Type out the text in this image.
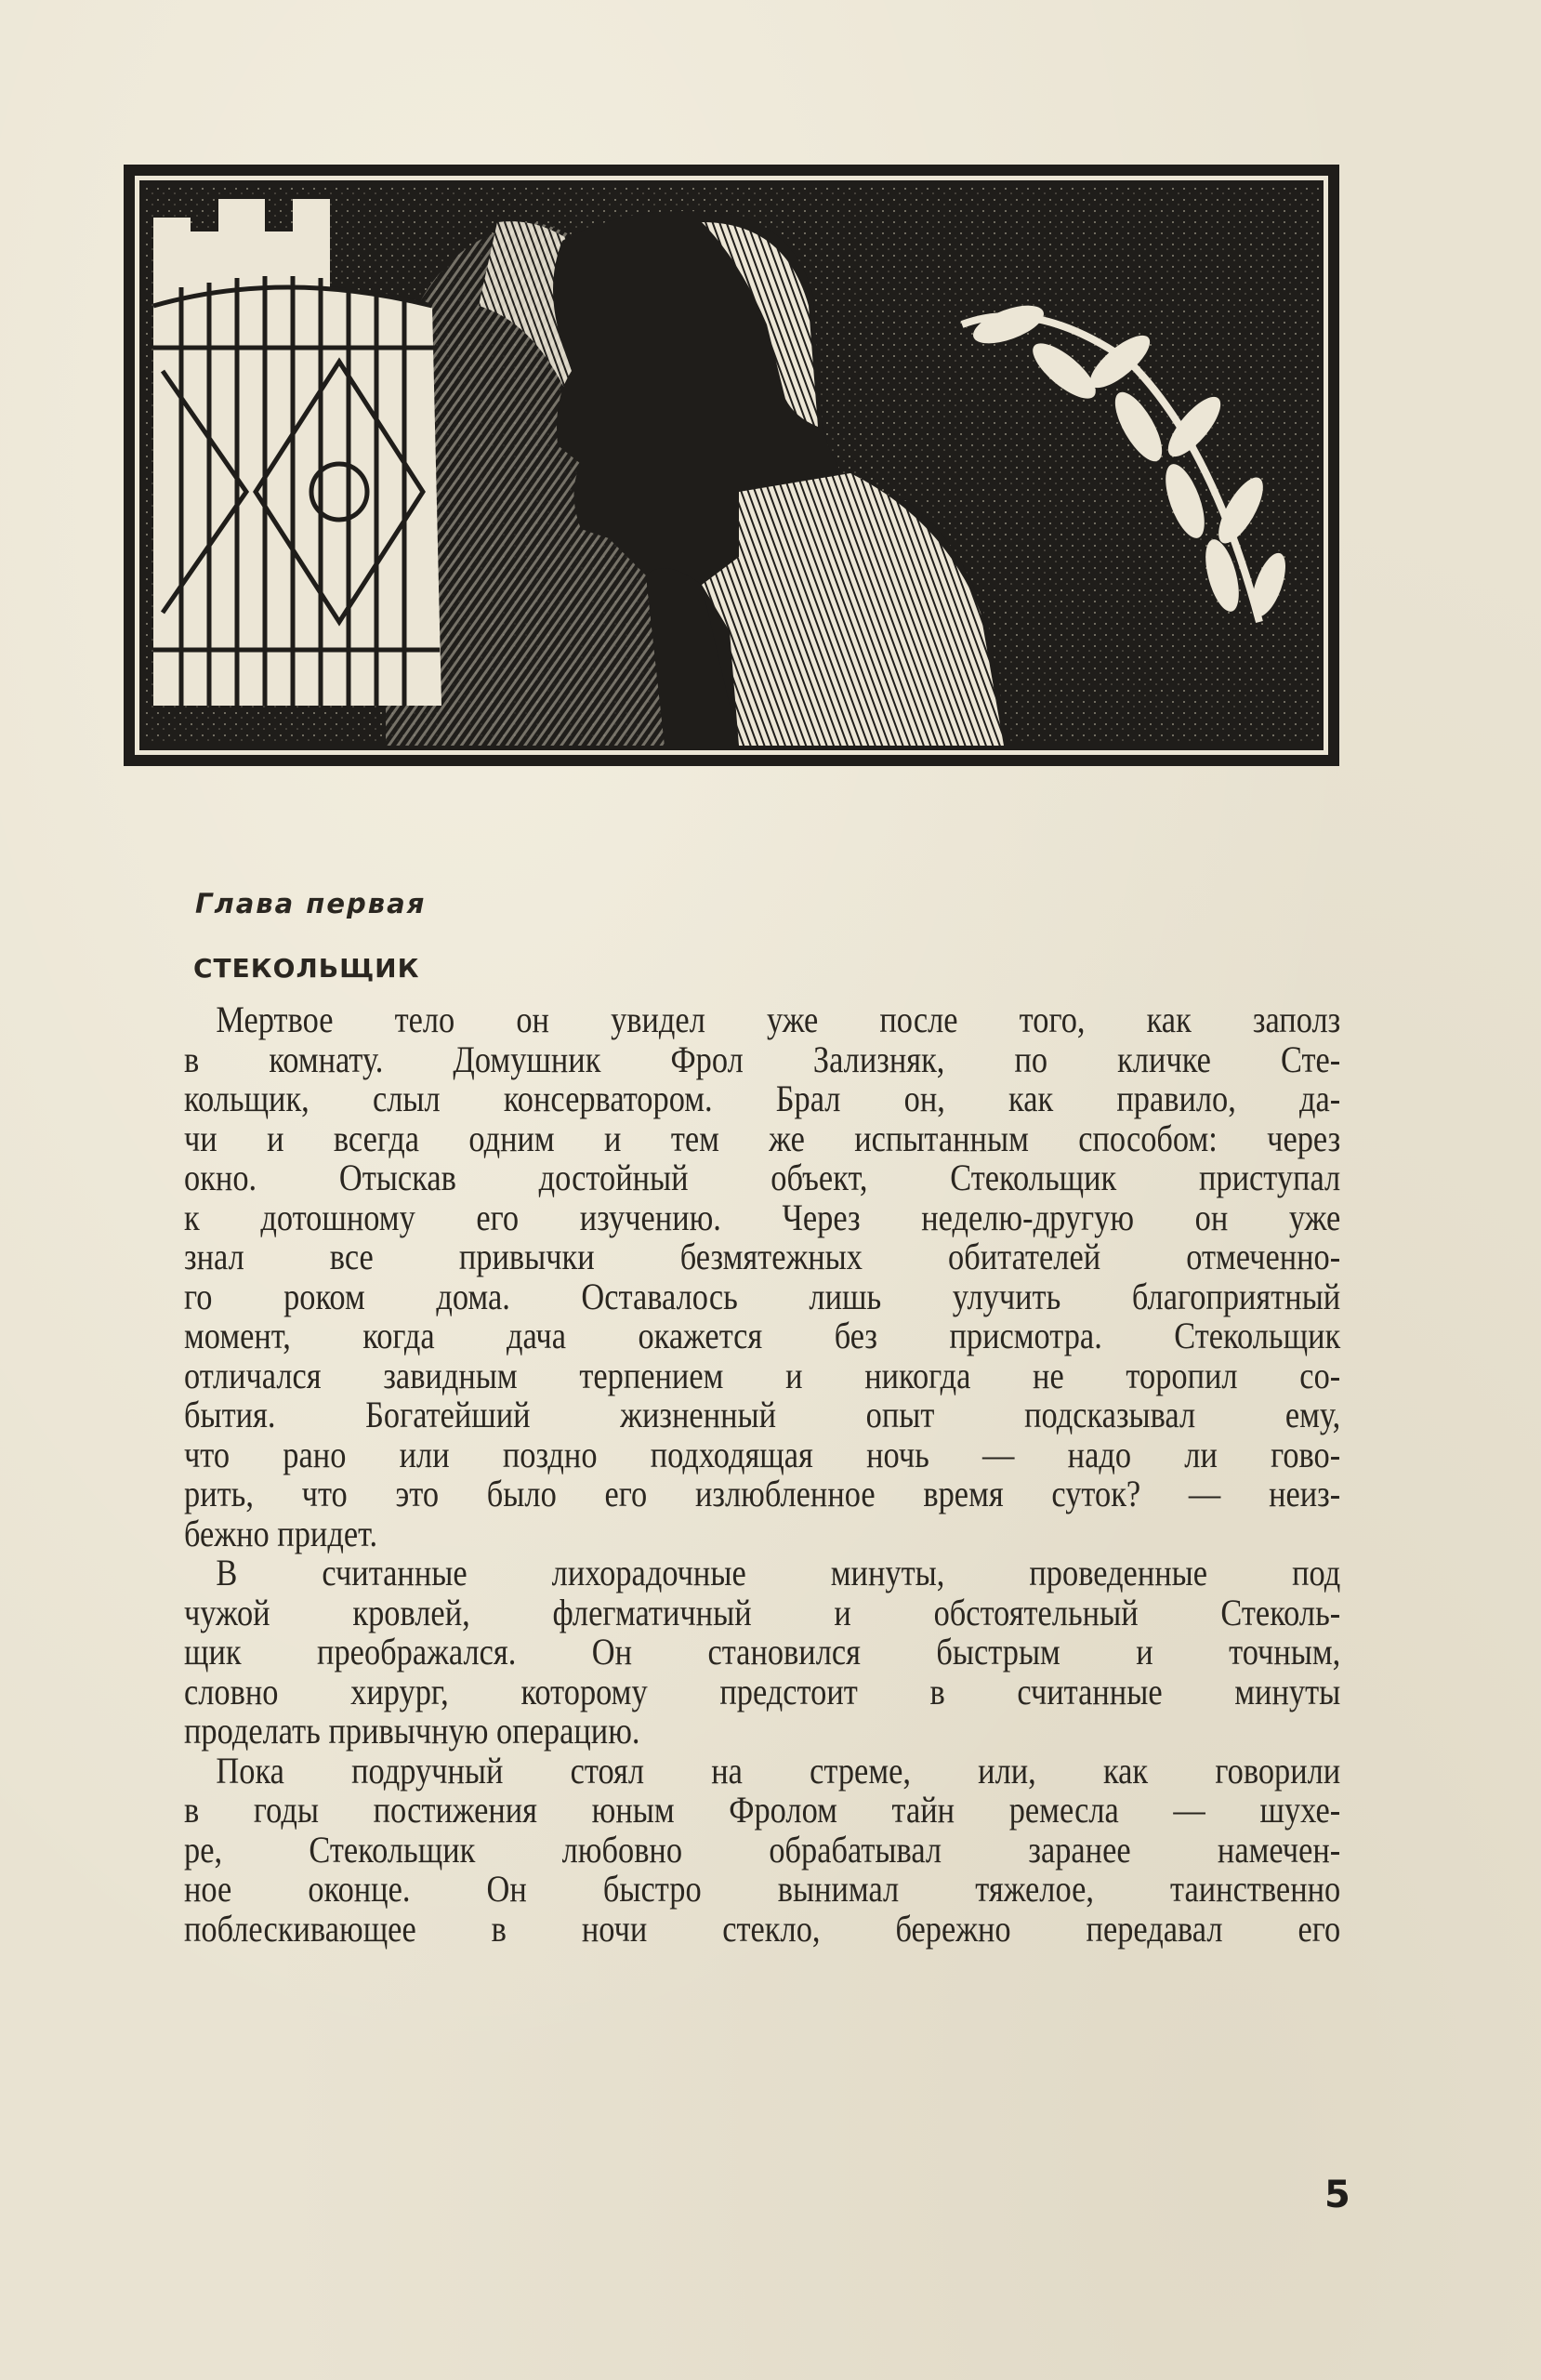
Глава первая
СТЕКОЛЬЩИК
Мертвое тело он увидел уже после того, как заполз
в комнату. Домушник Фрол Зализняк, по кличке Сте-
кольщик, слыл консерватором. Брал он, как правило, да-
чи и всегда одним и тем же испытанным способом: через
окно. Отыскав достойный объект, Стекольщик приступал
к дотошному его изучению. Через неделю-другую он уже
знал все привычки безмятежных обитателей отмеченно-
го роком дома. Оставалось лишь улучить благоприятный
момент, когда дача окажется без присмотра. Стекольщик
отличался завидным терпением и никогда не торопил со-
бытия. Богатейший жизненный опыт подсказывал ему,
что рано или поздно подходящая ночь — надо ли гово-
рить, что это было его излюбленное время суток? — неиз-
бежно придет.
В считанные лихорадочные минуты, проведенные под
чужой кровлей, флегматичный и обстоятельный Стеколь-
щик преображался. Он становился быстрым и точным,
словно хирург, которому предстоит в считанные минуты
проделать привычную операцию.
Пока подручный стоял на стреме, или, как говорили
в годы постижения юным Фролом тайн ремесла — шухе-
ре, Стекольщик любовно обрабатывал заранее намечен-
ное оконце. Он быстро вынимал тяжелое, таинственно
поблескивающее в ночи стекло, бережно передавал его
5
